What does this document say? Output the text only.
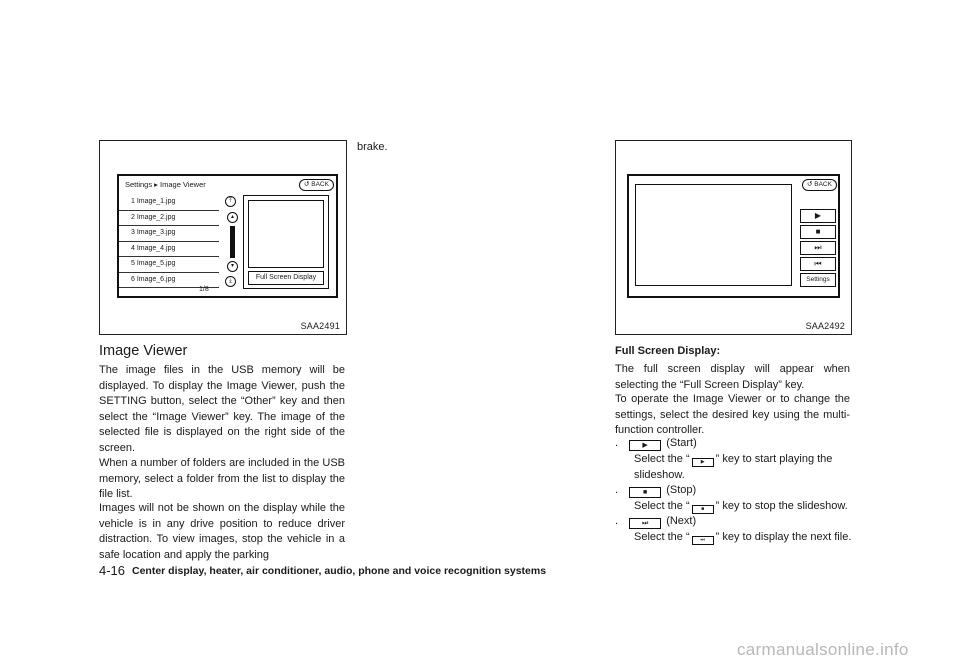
Settings ▸ Image Viewer	↺ BACK
1 Image_1.jpg
2 Image_2.jpg
3 Image_3.jpg
4 Image_4.jpg
5 Image_5.jpg
6 Image_6.jpg
1/8
⤒
▴
▾
⤓	Full Screen Display
SAA2491
↺ BACK
▶
■
⏭
⏮
Settings
SAA2492
Image Viewer

The image files in the USB memory will be displayed. To display the Image Viewer, push the SETTING button, select the “Other” key and then select the “Image Viewer” key. The image of the selected file is displayed on the right side of the screen.

When a number of folders are included in the USB memory, select a folder from the list to display the file list.

Images will not be shown on the display while the vehicle is in any drive position to reduce driver distraction. To view images, stop the vehicle in a safe location and apply the parking

brake.

Full Screen Display:

The full screen display will appear when selecting the “Full Screen Display” key.

To operate the Image Viewer or to change the settings, select the desired key using the multi-function controller.

.	▶ (Start)
Select the “ ▶ ” key to start playing the slideshow.
.	■ (Stop)
Select the “ ■ ” key to stop the slideshow.
.	⏭ (Next)
Select the “ ⏭ ” key to display the next file.
4-16 Center display, heater, air conditioner, audio, phone and voice recognition systems
carmanualsonline.info
